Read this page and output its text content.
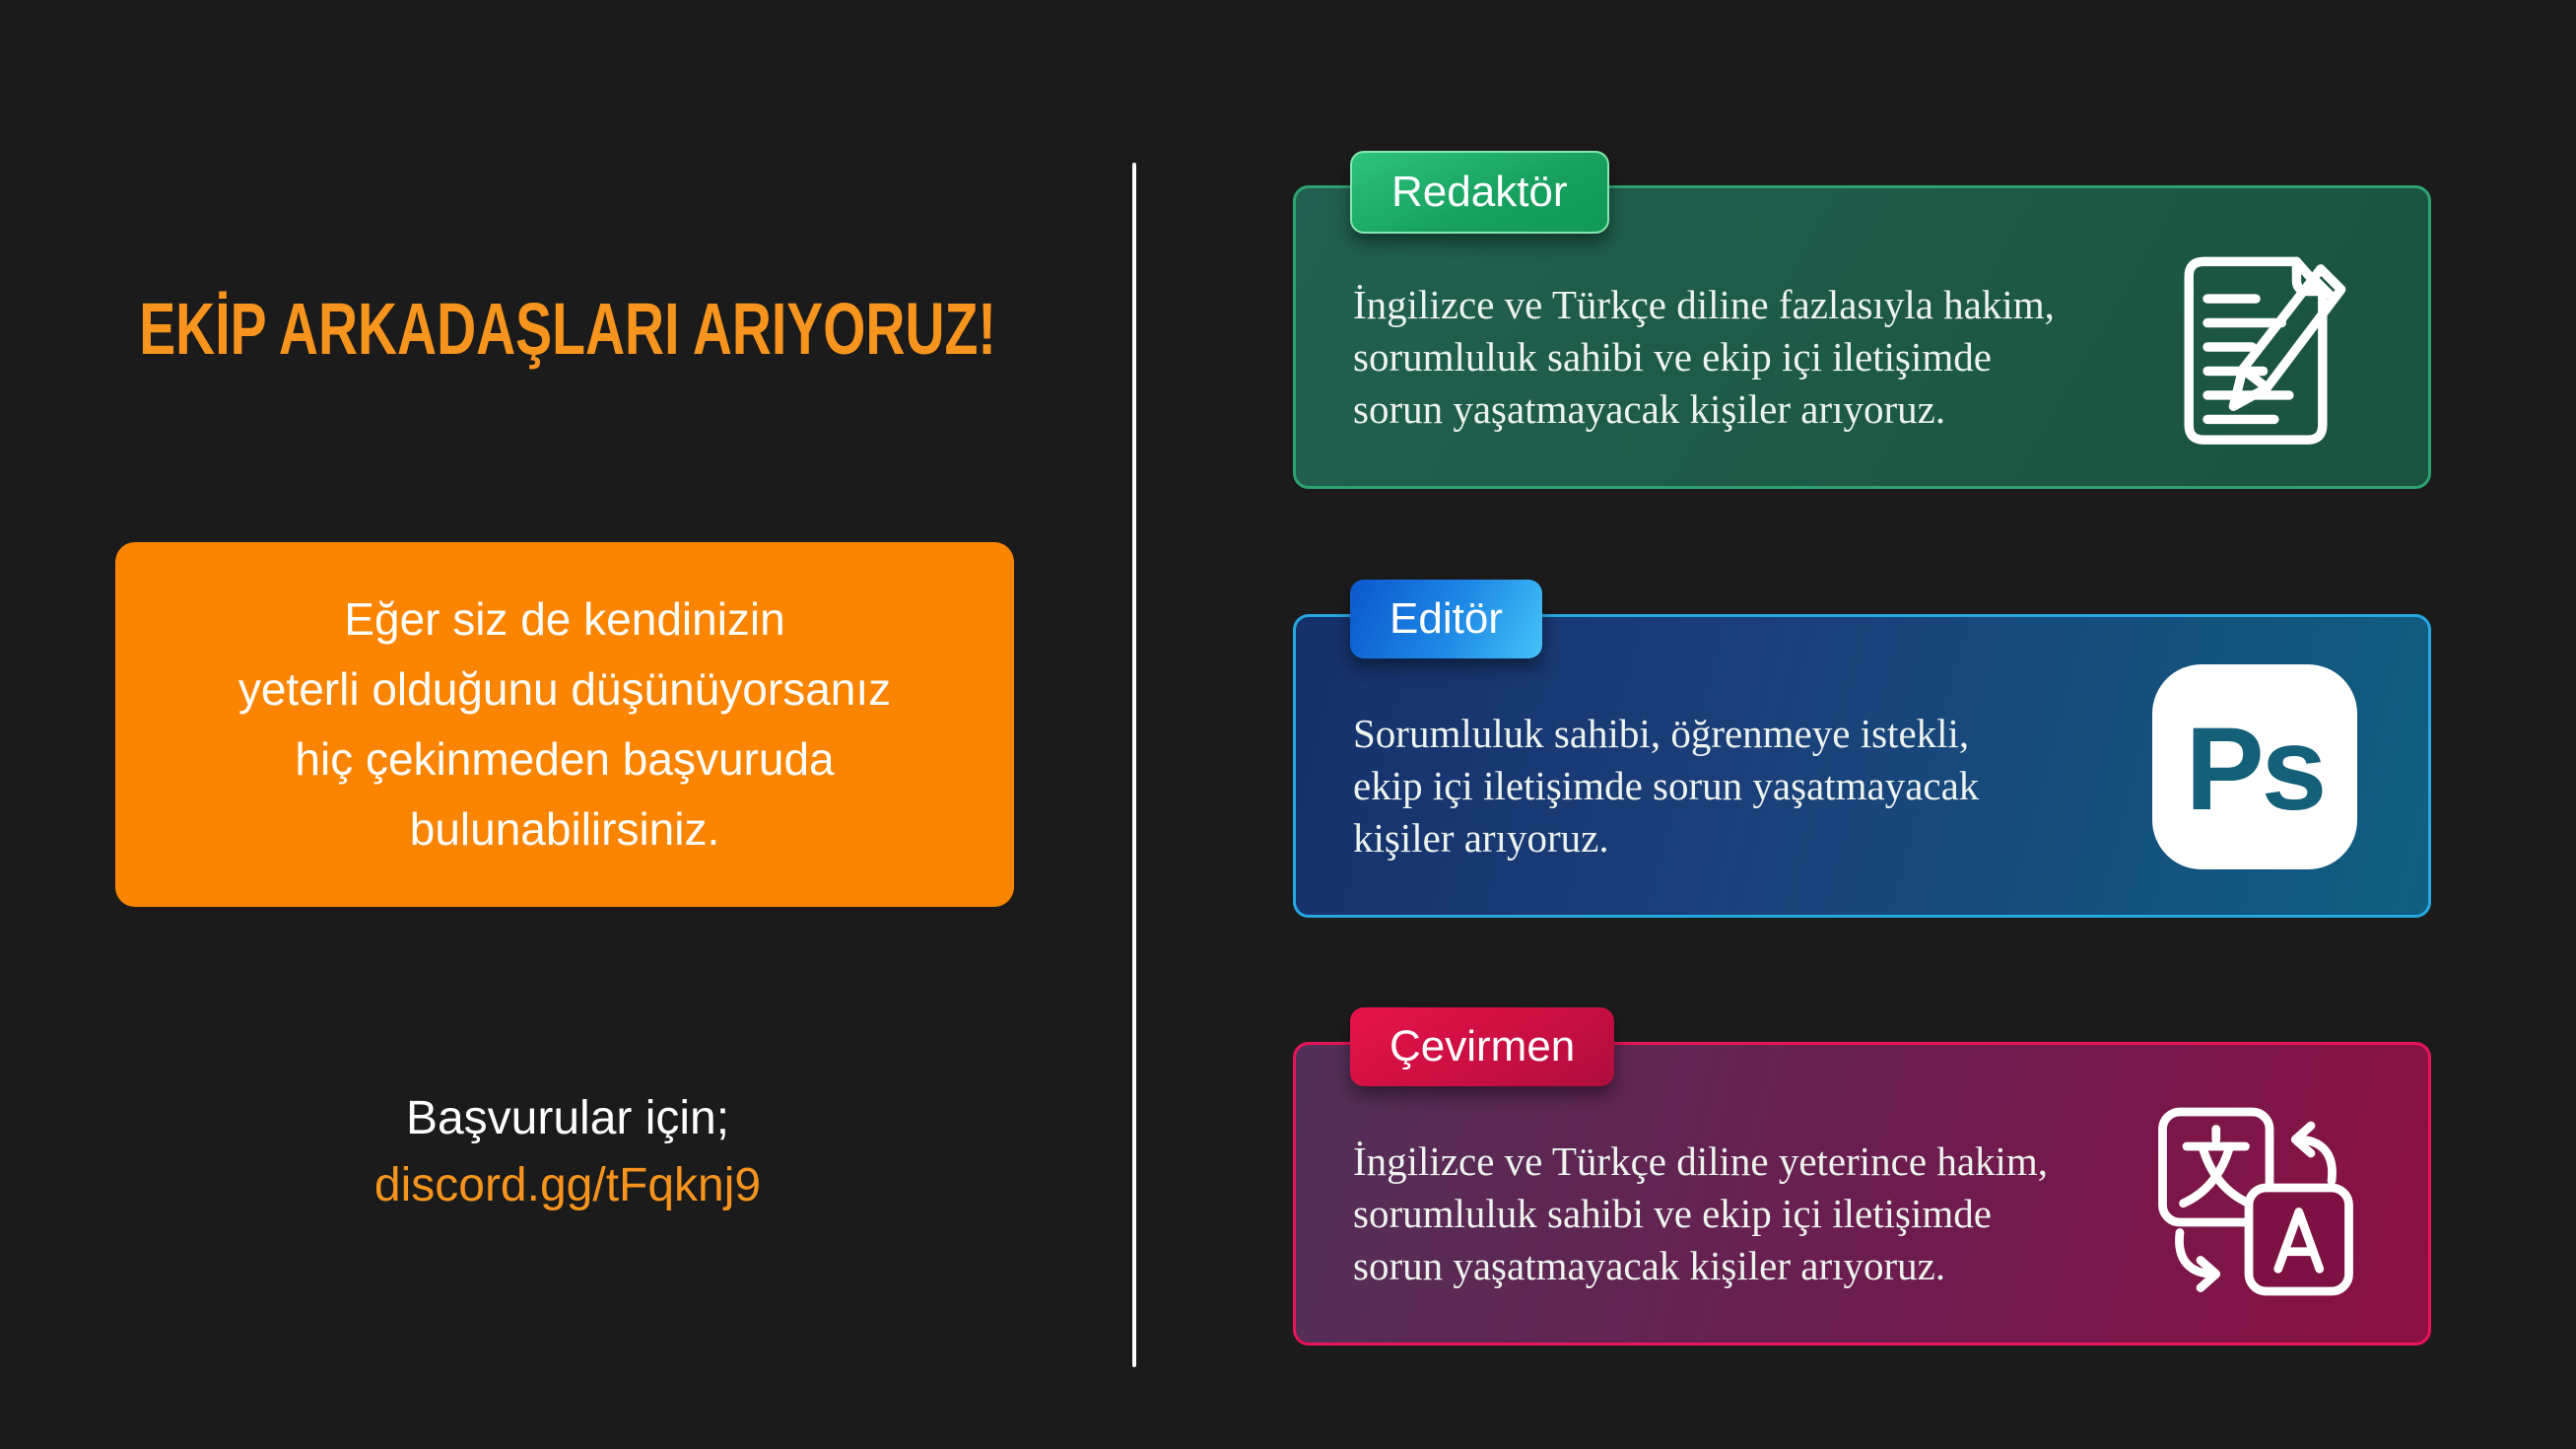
EKİP ARKADAŞLARI ARIYORUZ!
Eğer siz de kendinizin
yeterli olduğunu düşünüyorsanız
hiç çekinmeden başvuruda
bulunabilirsiniz.
Başvurular için;
discord.gg/tFqknj9
Redaktör
İngilizce ve Türkçe diline fazlasıyla hakim,
sorumluluk sahibi ve ekip içi iletişimde
sorun yaşatmayacak kişiler arıyoruz.
Editör
Sorumluluk sahibi, öğrenmeye istekli,
ekip içi iletişimde sorun yaşatmayacak
kişiler arıyoruz.
Ps
Çevirmen
İngilizce ve Türkçe diline yeterince hakim,
sorumluluk sahibi ve ekip içi iletişimde
sorun yaşatmayacak kişiler arıyoruz.
